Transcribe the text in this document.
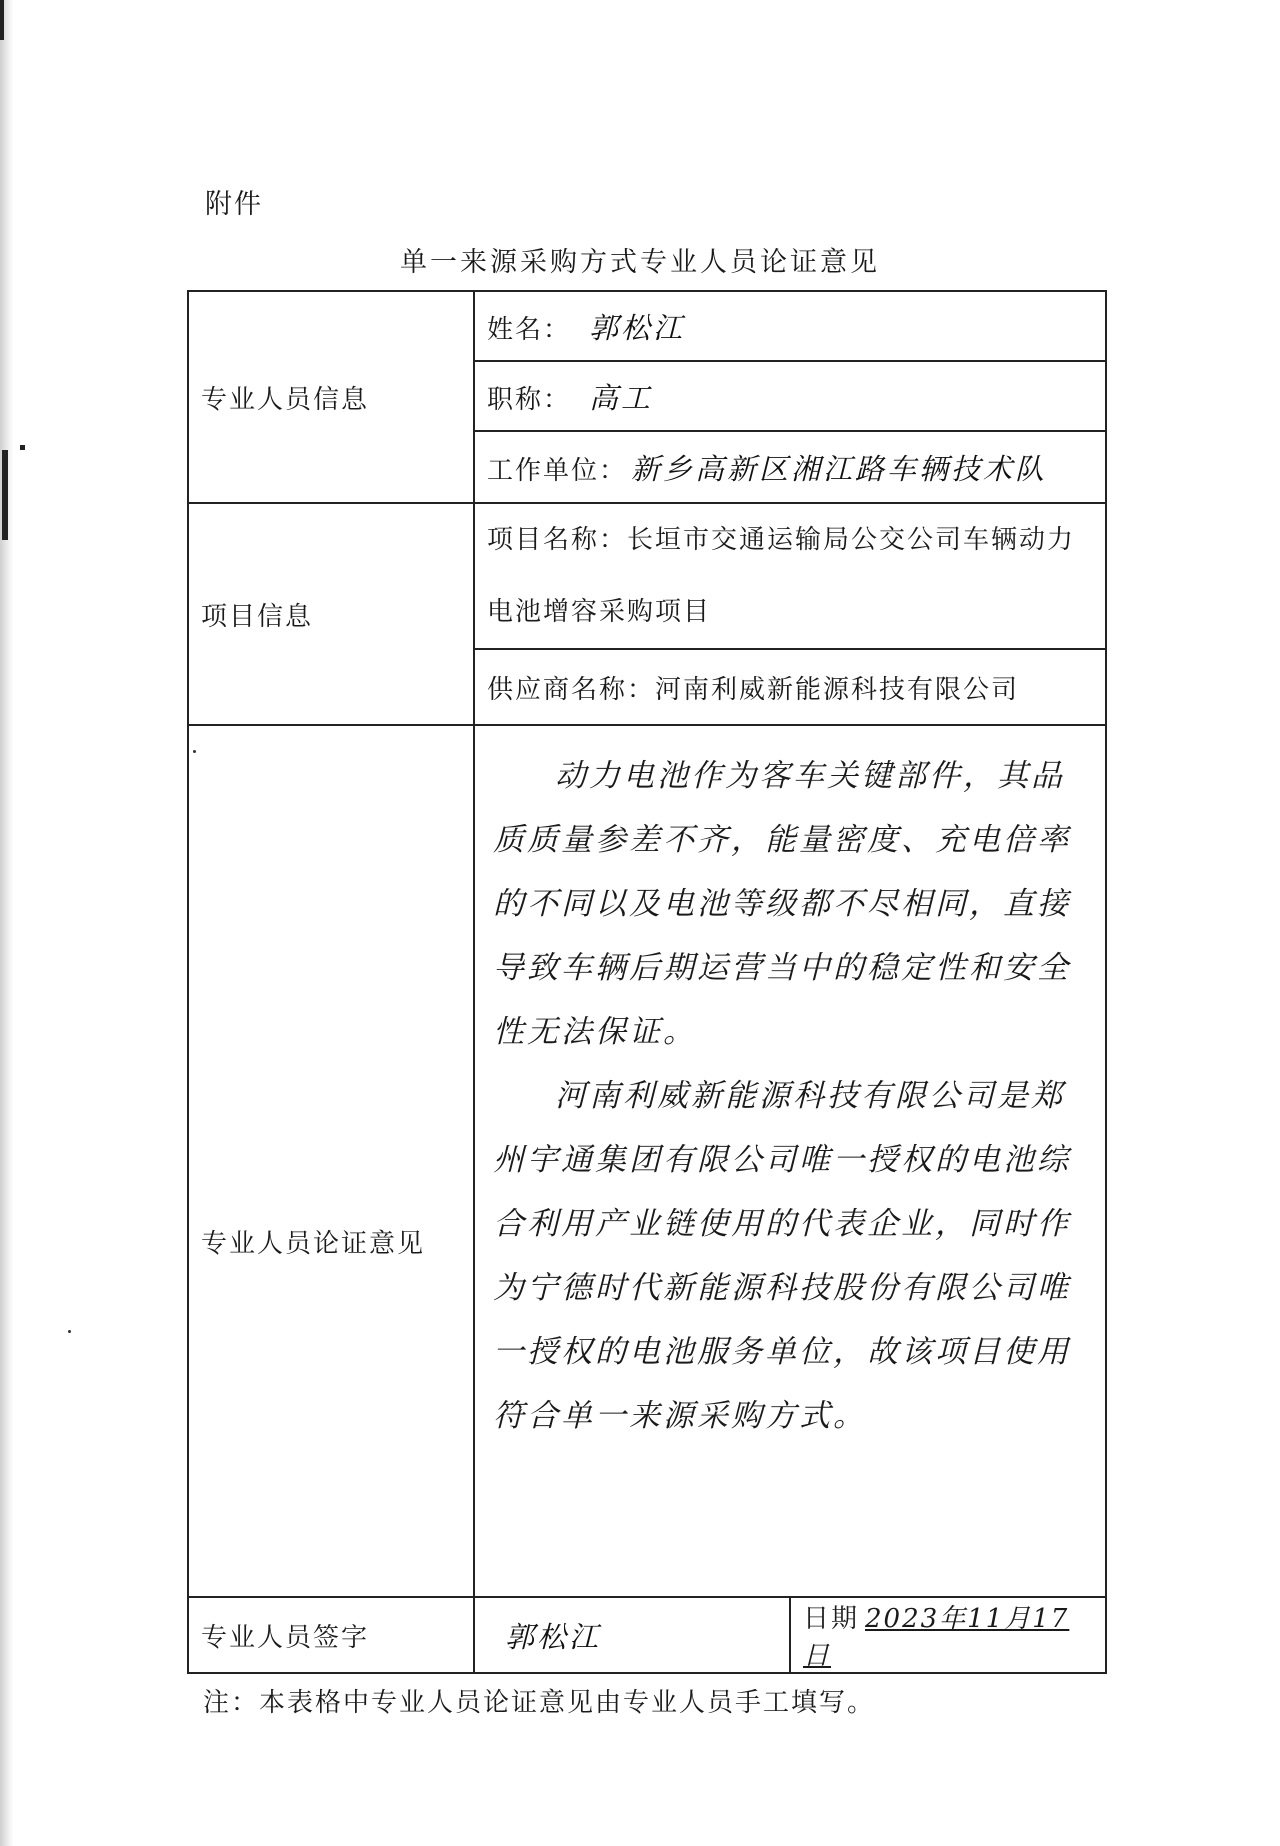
附件
单一来源采购方式专业人员论证意见
专业人员信息	姓名： 郭松江	
	职称： 高工	
	工作单位： 新乡高新区湘江路车辆技术队	
项目信息	项目名称：长垣市交通运输局公交公司车辆动力电池增容采购项目	
	供应商名称：河南利威新能源科技有限公司	
专业人员论证意见	动力电池作为客车关键部件，其品质质量参差不齐，能量密度、充电倍率的不同以及电池等级都不尽相同，直接导致车辆后期运营当中的稳定性和安全性无法保证。

河南利威新能源科技有限公司是郑州宇通集团有限公司唯一授权的电池综合利用产业链使用的代表企业，同时作为宁德时代新能源科技股份有限公司唯一授权的电池服务单位，故该项目使用符合单一来源采购方式。	

专业人员签字	郭松江	日期 2023年11月17日
注：本表格中专业人员论证意见由专业人员手工填写。
